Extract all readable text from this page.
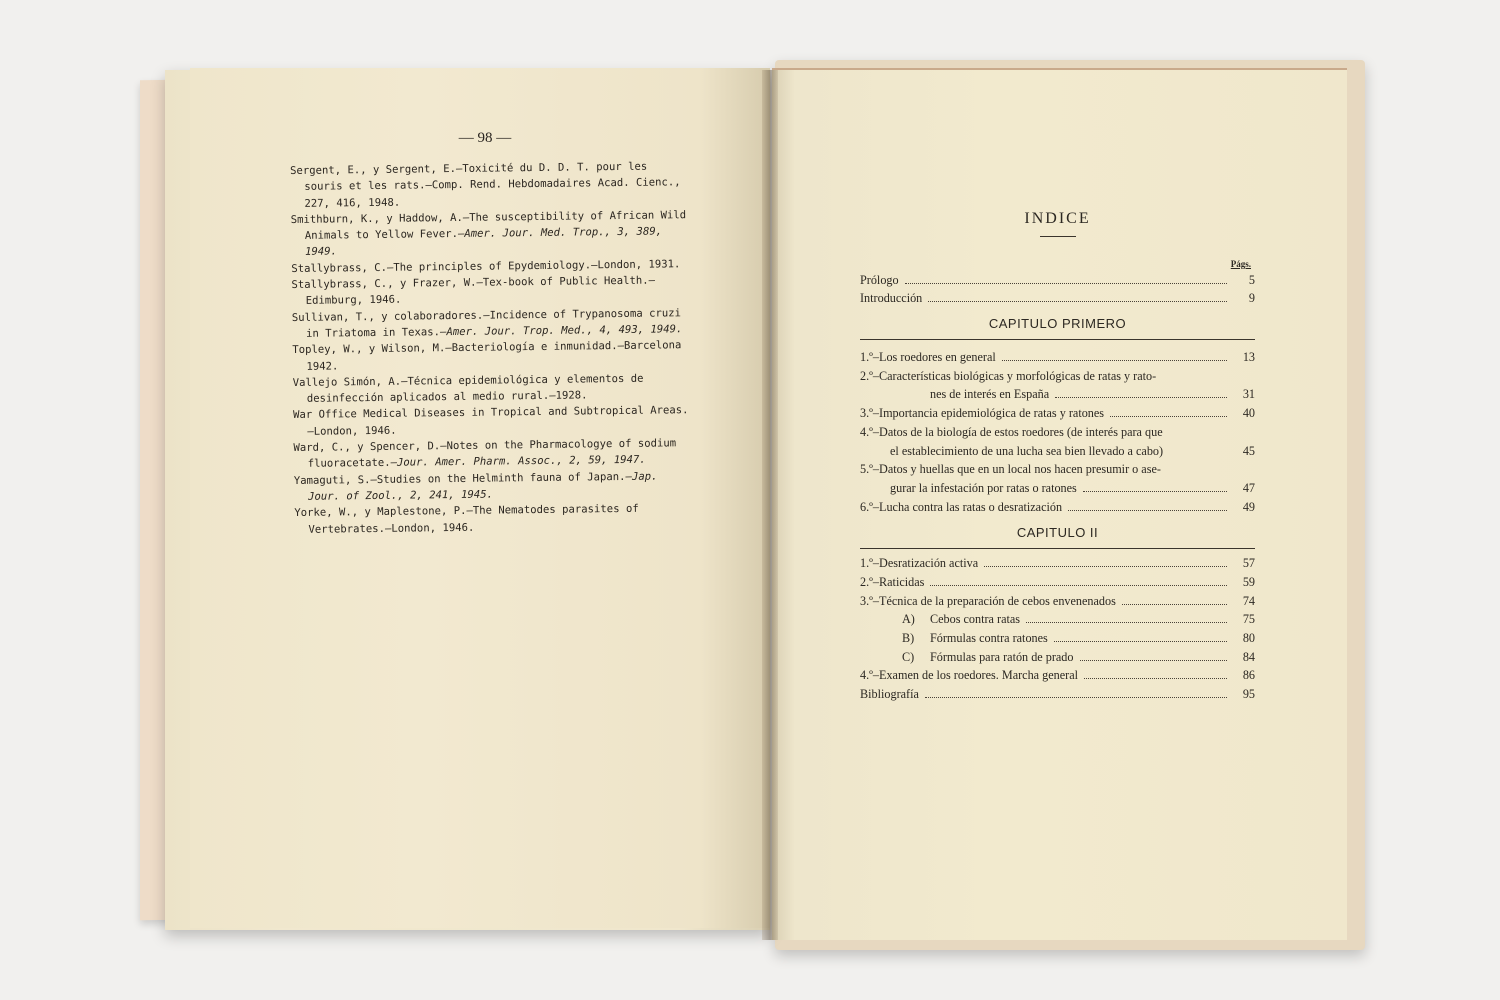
— 98 —
Sergent, E., y Sergent, E.—Toxicité du D. D. T. pour les souris et les rats.—Comp. Rend. Hebdomadaires Acad. Cienc., 227, 416, 1948.
Smithburn, K., y Haddow, A.—The susceptibility of African Wild Animals to Yellow Fever.—Amer. Jour. Med. Trop., 3, 389, 1949.
Stallybrass, C.—The principles of Epydemiology.—London, 1931.
Stallybrass, C., y Frazer, W.—Tex-book of Public Health.—Edimburg, 1946.
Sullivan, T., y colaboradores.—Incidence of Trypanosoma cruzi in Triatoma in Texas.—Amer. Jour. Trop. Med., 4, 493, 1949.
Topley, W., y Wilson, M.—Bacteriología e inmunidad.—Barcelona 1942.
Vallejo Simón, A.—Técnica epidemiológica y elementos de desinfección aplicados al medio rural.—1928.
War Office Medical Diseases in Tropical and Subtropical Areas.—London, 1946.
Ward, C., y Spencer, D.—Notes on the Pharmacologye of sodium fluoracetate.—Jour. Amer. Pharm. Assoc., 2, 59, 1947.
Yamaguti, S.—Studies on the Helminth fauna of Japan.—Jap. Jour. of Zool., 2, 241, 1945.
Yorke, W., y Maplestone, P.—The Nematodes parasites of Vertebrates.—London, 1946.
INDICE
Págs.
Prólogo	5
Introducción	9
CAPITULO PRIMERO
1.º–Los roedores en general	13
2.º–Características biológicas y morfológicas de ratas y rato-
nes de interés en España	31
3.º–Importancia epidemiológica de ratas y ratones	40
4.º–Datos de la biología de estos roedores (de interés para que
el establecimiento de una lucha sea bien llevado a cabo)	45
5.º–Datos y huellas que en un local nos hacen presumir o ase-
gurar la infestación por ratas o ratones	47
6.º–Lucha contra las ratas o desratización	49
CAPITULO II
1.º–Desratización activa	57
2.º–Raticidas	59
3.º–Técnica de la preparación de cebos envenenados	74
A)	Cebos contra ratas	75
B)	Fórmulas contra ratones	80
C)	Fórmulas para ratón de prado	84
4.º–Examen de los roedores. Marcha general	86
Bibliografía	95
